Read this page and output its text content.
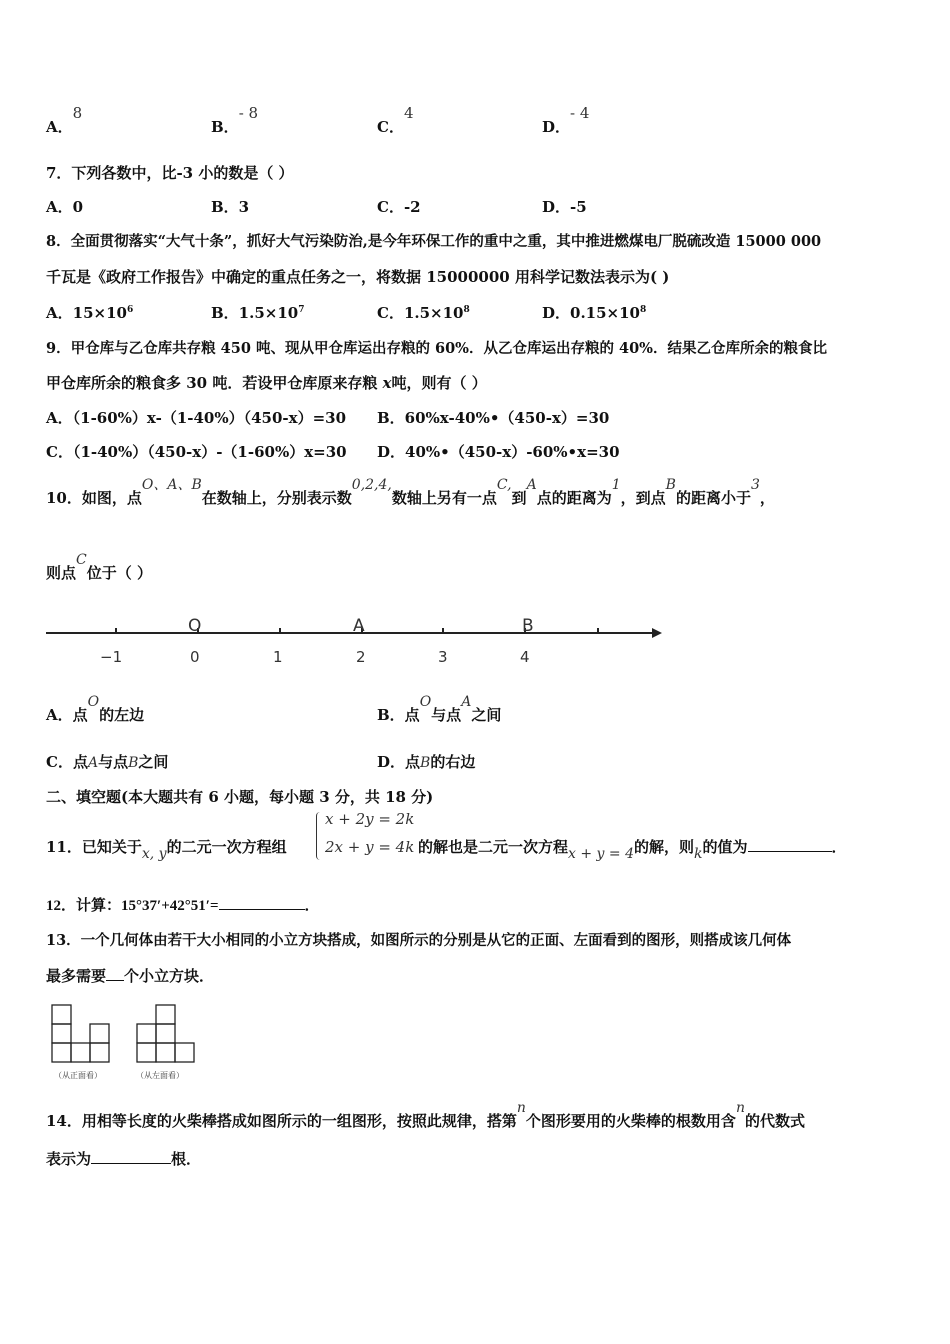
A．8
B．- 8
C．4
D．- 4
7．下列各数中，比-3 小的数是（ ）
A．0	B．3	C．-2	D．-5
8．全面贯彻落实“大气十条”，抓好大气污染防治,是今年环保工作的重中之重，其中推进燃煤电厂脱硫改造 15000 000
千瓦是《政府工作报告》中确定的重点任务之一，将数据 15000000 用科学记数法表示为( )
A．$15\times 10^6$	B．$1.5\times 10^7$	C．$1.5\times 10^8$	D．$0.15\times 10^8$
9．甲仓库与乙仓库共存粮 450 吨、现从甲仓库运出存粮的 60%．从乙仓库运出存粮的 40%．结果乙仓库所余的粮食比
甲仓库所余的粮食多 30 吨．若设甲仓库原来存粮 x吨，则有（ ）
A．（1-60%）x-（1-40%）（450-x）=30 B．60%x-40%•（450-x）=30
C．（1-40%）（450-x）-（1-60%）x=30 D．40%•（450-x）-60%•x=30
10．如图，点O、A、B在数轴上，分别表示数0,2,4,数轴上另有一点C,到A点的距离为1，到点B的距离小于3，
则点C位于（ ）
O	A	B
−1	0	1	2	3	4
A．点O的左边	B．点O与点A之间
C．点A与点B之间	D．点B的右边
二、填空题(本大题共有 6 小题，每小题 3 分，共 18 分)
11．已知关于x, y的二元一次方程组
x + 2y = 2k
2x + y = 4k 的解也是二元一次方程x + y = 4的解，则k的值为	．
12．计算：15°37′+42°51′=	．
13．一个几何体由若干大小相同的小立方块搭成，如图所示的分别是从它的正面、左面看到的图形，则搭成该几何体
最多需要 个小立方块．
（从正面看）	（从左面看）
14．用相等长度的火柴棒搭成如图所示的一组图形，按照此规律，搭第n个图形要用的火柴棒的根数用含n的代数式
表示为	根．
